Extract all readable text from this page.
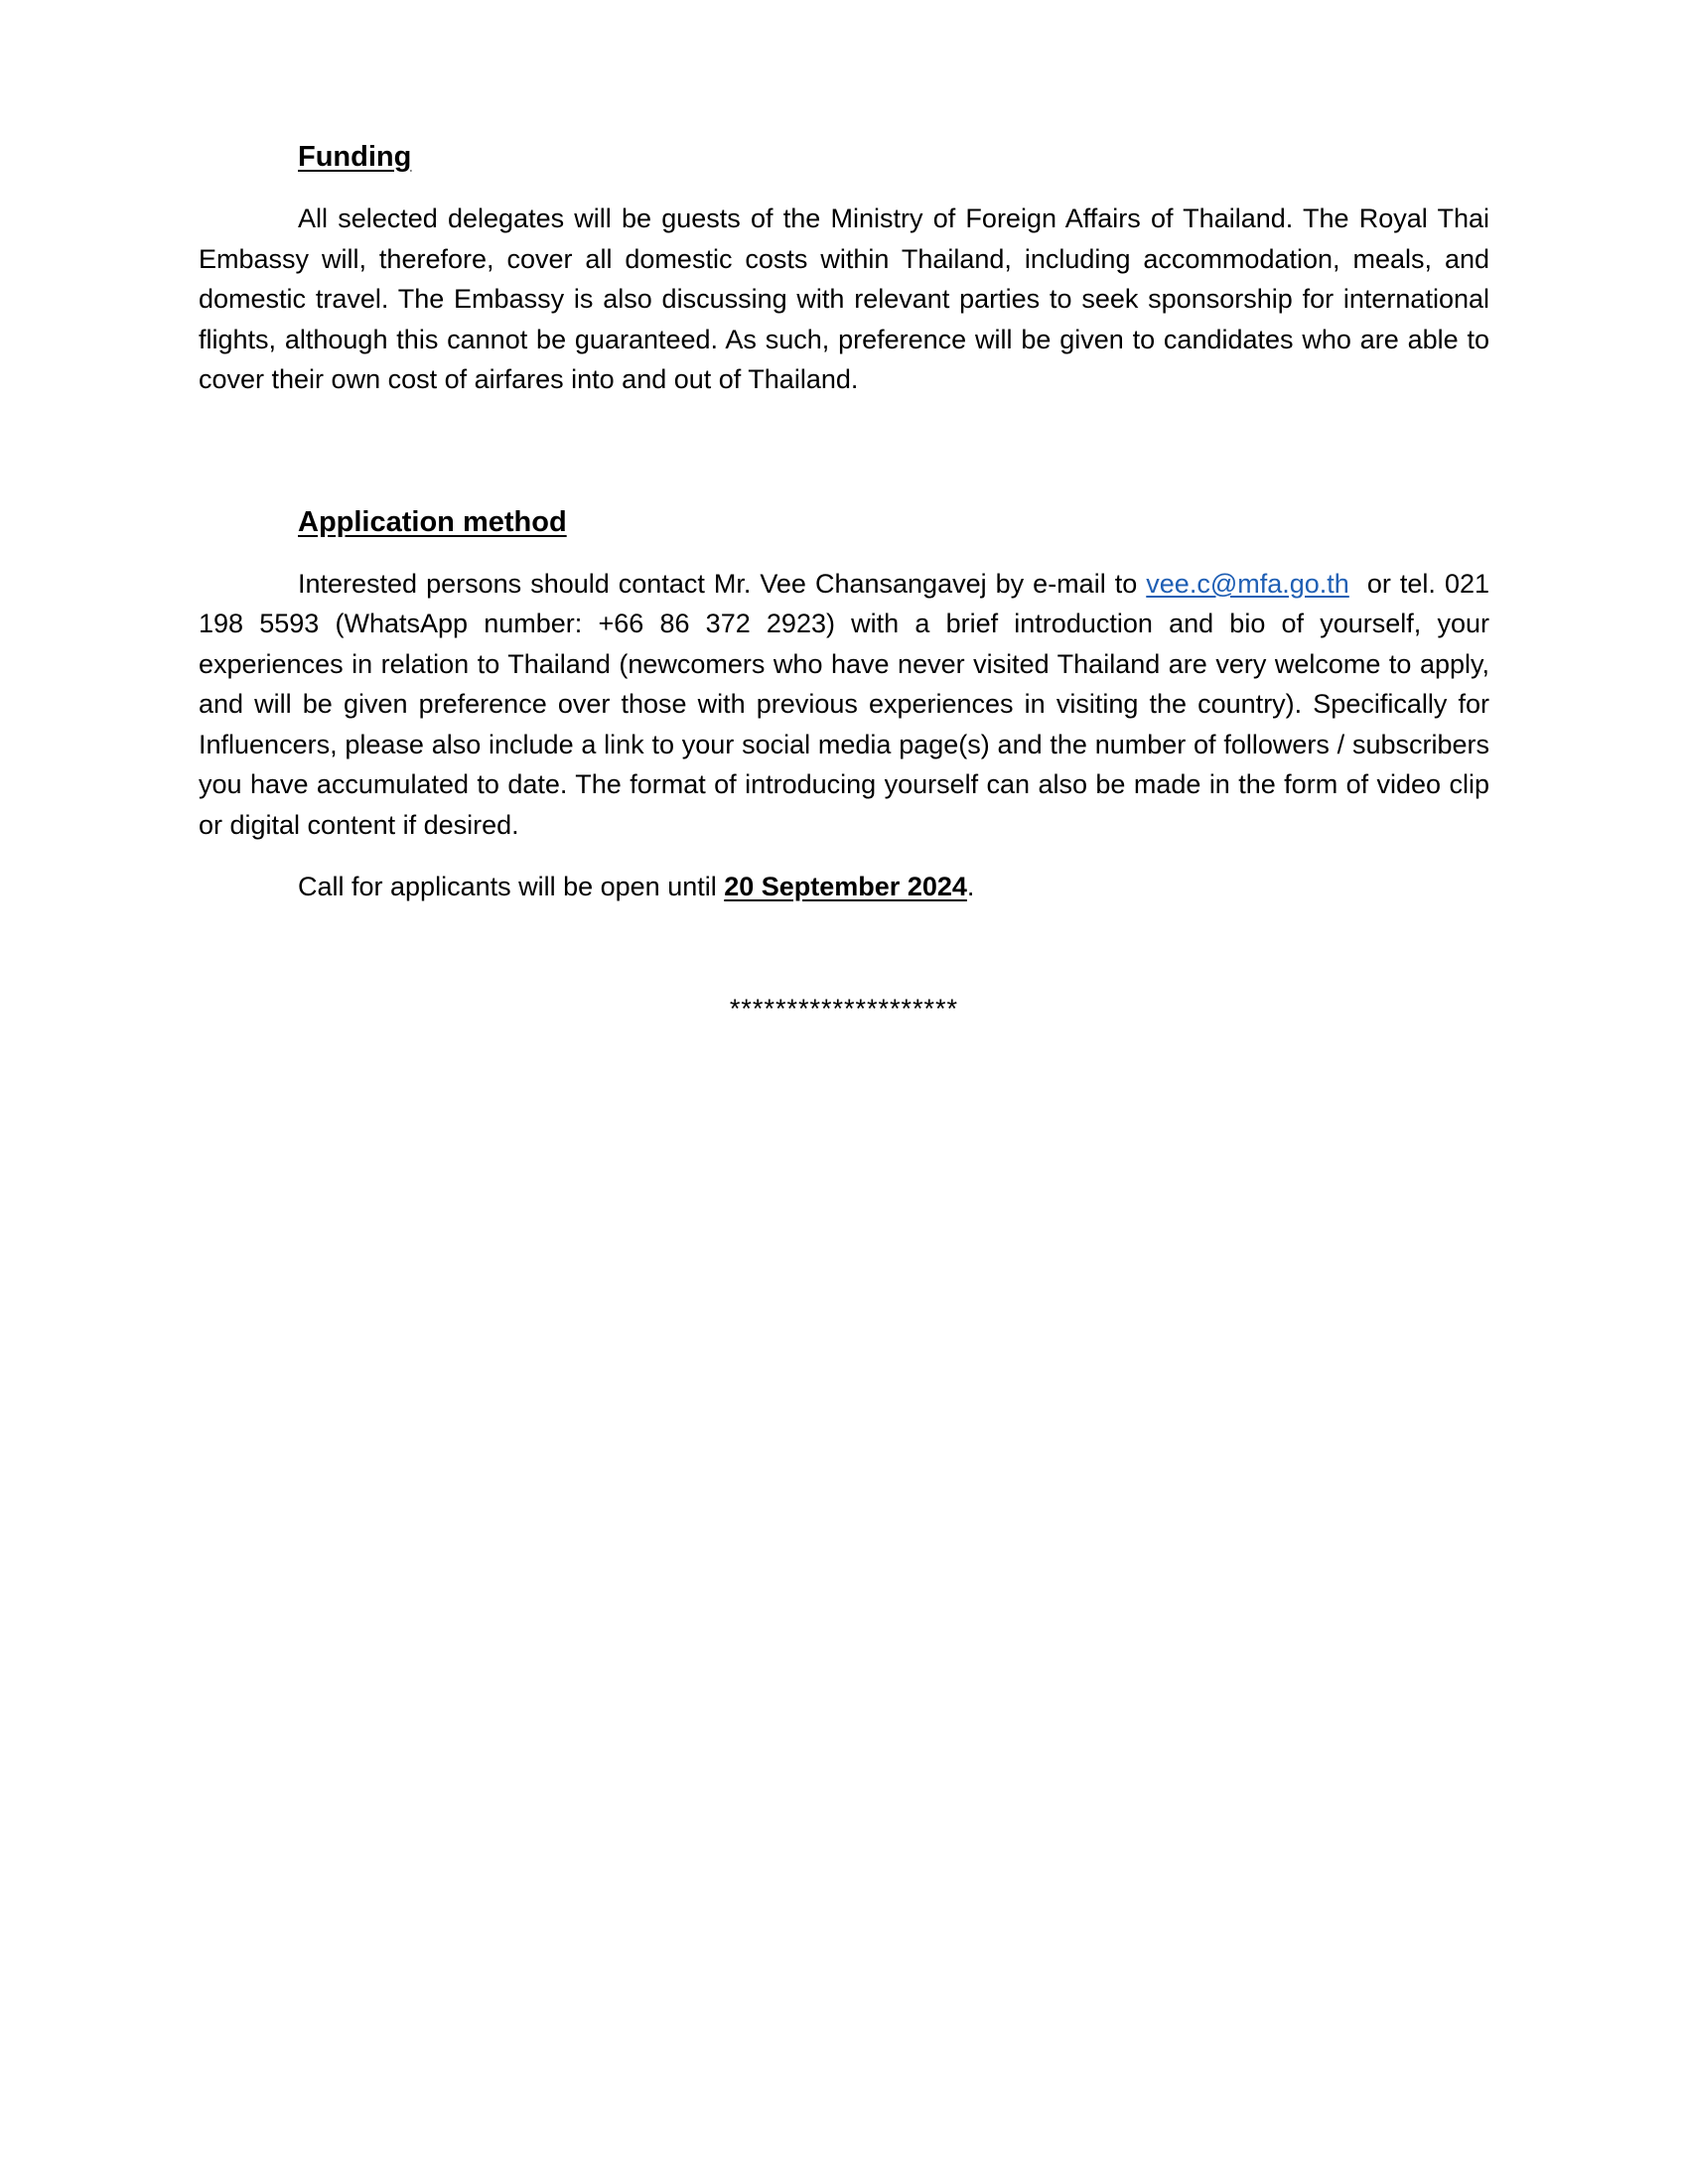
Funding

All selected delegates will be guests of the Ministry of Foreign Affairs of Thailand. The Royal Thai Embassy will, therefore, cover all domestic costs within Thailand, including accommodation, meals, and domestic travel. The Embassy is also discussing with relevant parties to seek sponsorship for international flights, although this cannot be guaranteed. As such, preference will be given to candidates who are able to cover their own cost of airfares into and out of Thailand.

Application method

Interested persons should contact Mr. Vee Chansangavej by e-mail to vee.c@mfa.go.th  or tel. 021 198 5593 (WhatsApp number: +66 86 372 2923) with a brief introduction and bio of yourself, your experiences in relation to Thailand (newcomers who have never visited Thailand are very welcome to apply, and will be given preference over those with previous experiences in visiting the country). Specifically for Influencers, please also include a link to your social media page(s) and the number of followers / subscribers you have accumulated to date. The format of introducing yourself can also be made in the form of video clip or digital content if desired.

Call for applicants will be open until 20 September 2024.

********************
